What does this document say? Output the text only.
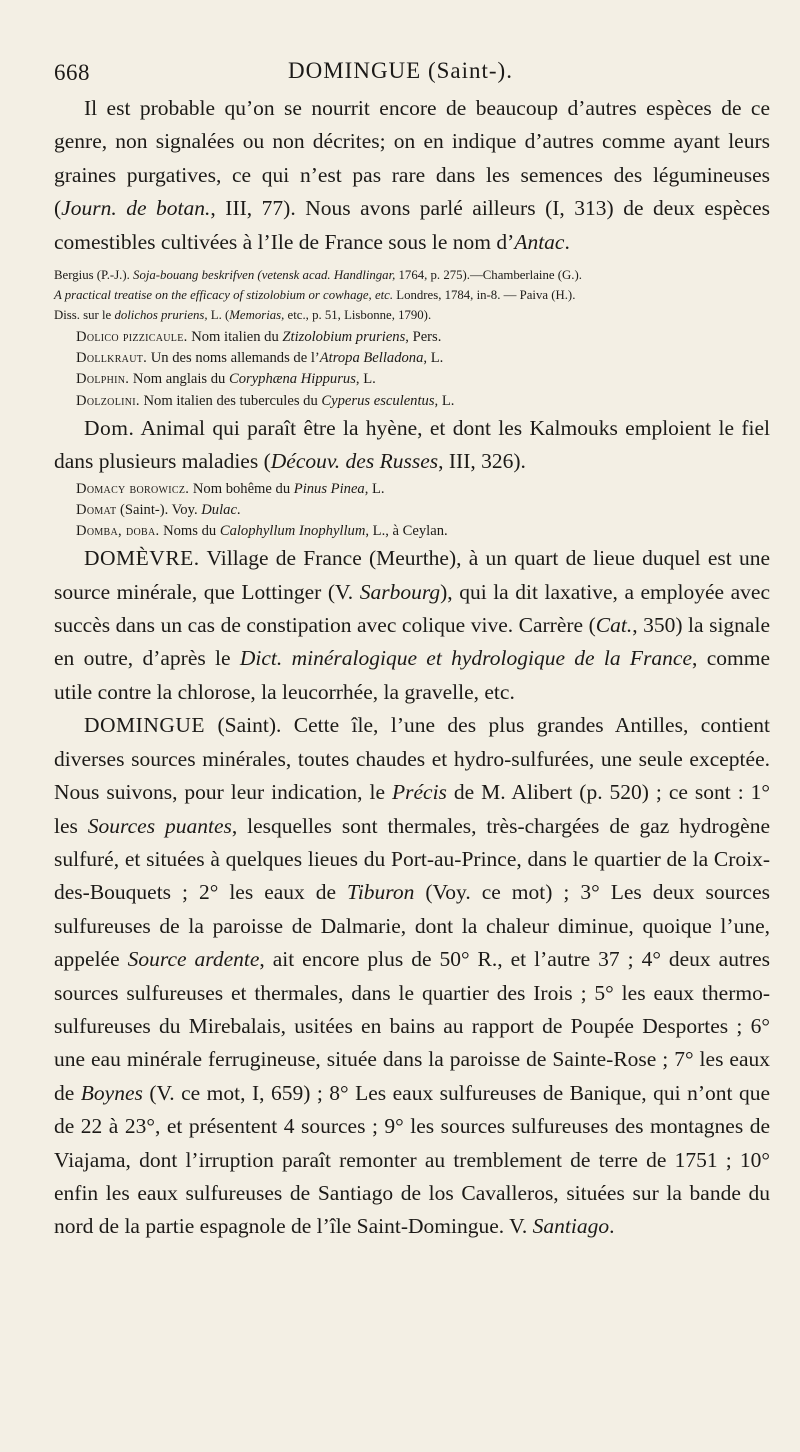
668	DOMINGUE (Saint-).

Il est probable qu’on se nourrit encore de beaucoup d’autres espèces de ce genre, non signalées ou non décrites; on en indique d’autres comme ayant leurs graines purgatives, ce qui n’est pas rare dans les semences des légumineuses (Journ. de botan., III, 77). Nous avons parlé ailleurs (I, 313) de deux espèces comestibles cultivées à l’Ile de France sous le nom d’Antac.

Bergius (P.-J.). Soja-bouang beskrifven (vetensk acad. Handlingar, 1764, p. 275).—Chamberlaine (G.).

A practical treatise on the efficacy of stizolobium or cowhage, etc. Londres, 1784, in-8. — Paiva (H.).

Diss. sur le dolichos pruriens, L. (Memorias, etc., p. 51, Lisbonne, 1790).

Dolico pizzicaule. Nom italien du Ztizolobium pruriens, Pers.

Dollkraut. Un des noms allemands de l’Atropa Belladona, L.

Dolphin. Nom anglais du Coryphæna Hippurus, L.

Dolzolini. Nom italien des tubercules du Cyperus esculentus, L.

Dom. Animal qui paraît être la hyène, et dont les Kalmouks emploient le fiel dans plusieurs maladies (Découv. des Russes, III, 326).

Domacy borowicz. Nom bohême du Pinus Pinea, L.

Domat (Saint-). Voy. Dulac.

Domba, doba. Noms du Calophyllum Inophyllum, L., à Ceylan.

DOMÈVRE. Village de France (Meurthe), à un quart de lieue duquel est une source minérale, que Lottinger (V. Sarbourg), qui la dit laxative, a employée avec succès dans un cas de constipation avec colique vive. Carrère (Cat., 350) la signale en outre, d’après le Dict. minéralogique et hydrologique de la France, comme utile contre la chlorose, la leucorrhée, la gravelle, etc.

DOMINGUE (Saint). Cette île, l’une des plus grandes Antilles, contient diverses sources minérales, toutes chaudes et hydro-sulfurées, une seule exceptée. Nous suivons, pour leur indication, le Précis de M. Alibert (p. 520) ; ce sont : 1° les Sources puantes, lesquelles sont thermales, très-chargées de gaz hydrogène sulfuré, et situées à quelques lieues du Port-au-Prince, dans le quartier de la Croix-des-Bouquets ; 2° les eaux de Tiburon (Voy. ce mot) ; 3° Les deux sources sulfureuses de la paroisse de Dalmarie, dont la chaleur diminue, quoique l’une, appelée Source ardente, ait encore plus de 50° R., et l’autre 37 ; 4° deux autres sources sulfureuses et thermales, dans le quartier des Irois ; 5° les eaux thermo-sulfureuses du Mirebalais, usitées en bains au rapport de Poupée Desportes ; 6° une eau minérale ferrugineuse, située dans la paroisse de Sainte-Rose ; 7° les eaux de Boynes (V. ce mot, I, 659) ; 8° Les eaux sulfureuses de Banique, qui n’ont que de 22 à 23°, et présentent 4 sources ; 9° les sources sulfureuses des montagnes de Viajama, dont l’irruption paraît remonter au tremblement de terre de 1751 ; 10° enfin les eaux sulfureuses de Santiago de los Cavalleros, situées sur la bande du nord de la partie espagnole de l’île Saint-Domingue. V. Santiago.
